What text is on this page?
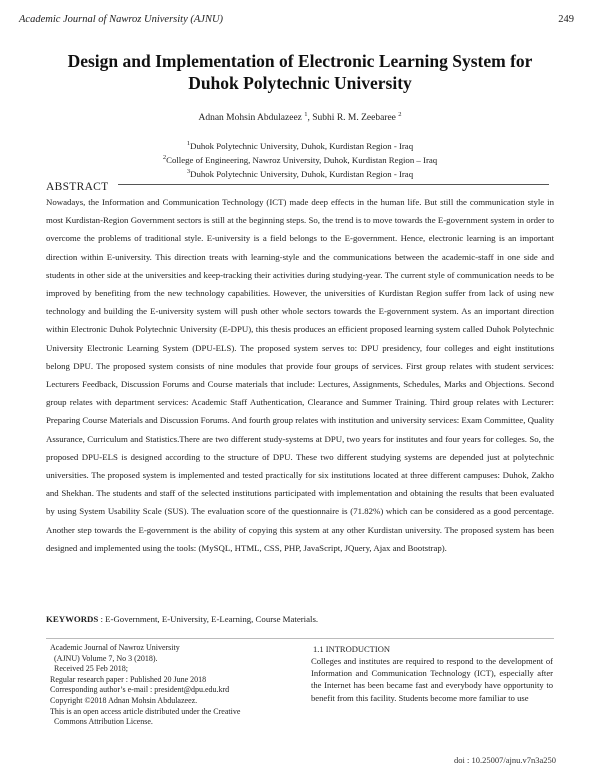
Academic Journal of Nawroz University (AJNU)	249
Design and Implementation of Electronic Learning System for
Duhok Polytechnic University
Adnan Mohsin Abdulazeez $^1$, Subhi R. M. Zeebaree $^2$
$^1$Duhok Polytechnic University, Duhok, Kurdistan Region - Iraq
$^2$College of Engineering, Nawroz University, Duhok, Kurdistan Region – Iraq
$^3$Duhok Polytechnic University, Duhok, Kurdistan Region - Iraq
ABSTRACT
Nowadays, the Information and Communication Technology (ICT) made deep effects in the human life. But still the communication style in most Kurdistan-Region Government sectors is still at the beginning steps. So, the trend is to move towards the E-government system in order to overcome the problems of traditional style. E-university is a field belongs to the E-government. Hence, electronic learning is an important direction within E-university. This direction treats with learning-style and the communications between the academic-staff in one side and students in other side at the universities and keep-tracking their activities during studying-year. The current style of communication needs to be improved by benefiting from the new technology capabilities. However, the universities of Kurdistan Region suffer from lack of using new technology and building the E-university system will push other whole sectors towards the E-government system. As an important direction within Electronic Duhok Polytechnic University (E-DPU), this thesis produces an efficient proposed learning system called Duhok Polytechnic University Electronic Learning System (DPU-ELS). The proposed system serves to: DPU presidency, four colleges and eight institutions belong DPU. The proposed system consists of nine modules that provide four groups of services. First group relates with student services: Lecturers Feedback, Discussion Forums and Course materials that include: Lectures, Assignments, Schedules, Marks and Objections. Second group relates with department services: Academic Staff Authentication, Clearance and Summer Training. Third group relates with Lecturer: Preparing Course Materials and Discussion Forums. And fourth group relates with institution and university services: Exam Committee, Quality Assurance, Curriculum and Statistics.There are two different study-systems at DPU, two years for institutes and four years for colleges. So, the proposed DPU-ELS is designed according to the structure of DPU. These two different studying systems are depended just at polytechnic universities. The proposed system is implemented and tested practically for six institutions located at three different campuses: Duhok, Zakho and Shekhan. The students and staff of the selected institutions participated with implementation and obtaining the results that been evaluated by using System Usability Scale (SUS). The evaluation score of the questionnaire is (71.82%) which can be considered as a good percentage. Another step towards the E-government is the ability of copying this system at any other Kurdistan university. The proposed system has been designed and implemented using the tools: (MySQL, HTML, CSS, PHP, JavaScript, JQuery, Ajax and Bootstrap).
KEYWORDS : E-Government, E-University, E-Learning, Course Materials.
Academic Journal of Nawroz University
(AJNU) Volume 7, No 3 (2018).
Received 25 Feb 2018;
Regular research paper : Published 20 June 2018
Corresponding author’s e-mail : president@dpu.edu.krd
Copyright ©2018 Adnan Mohsin Abdulazeez.
This is an open access article distributed under the Creative
Commons Attribution License.
1.1 INTRODUCTION
Colleges and institutes are required to respond to the development of Information and Communication Technology (ICT), especially after the Internet has been became fast and everybody have opportunity to benefit from this facility. Students become more familiar to use
doi : 10.25007/ajnu.v7n3a250
